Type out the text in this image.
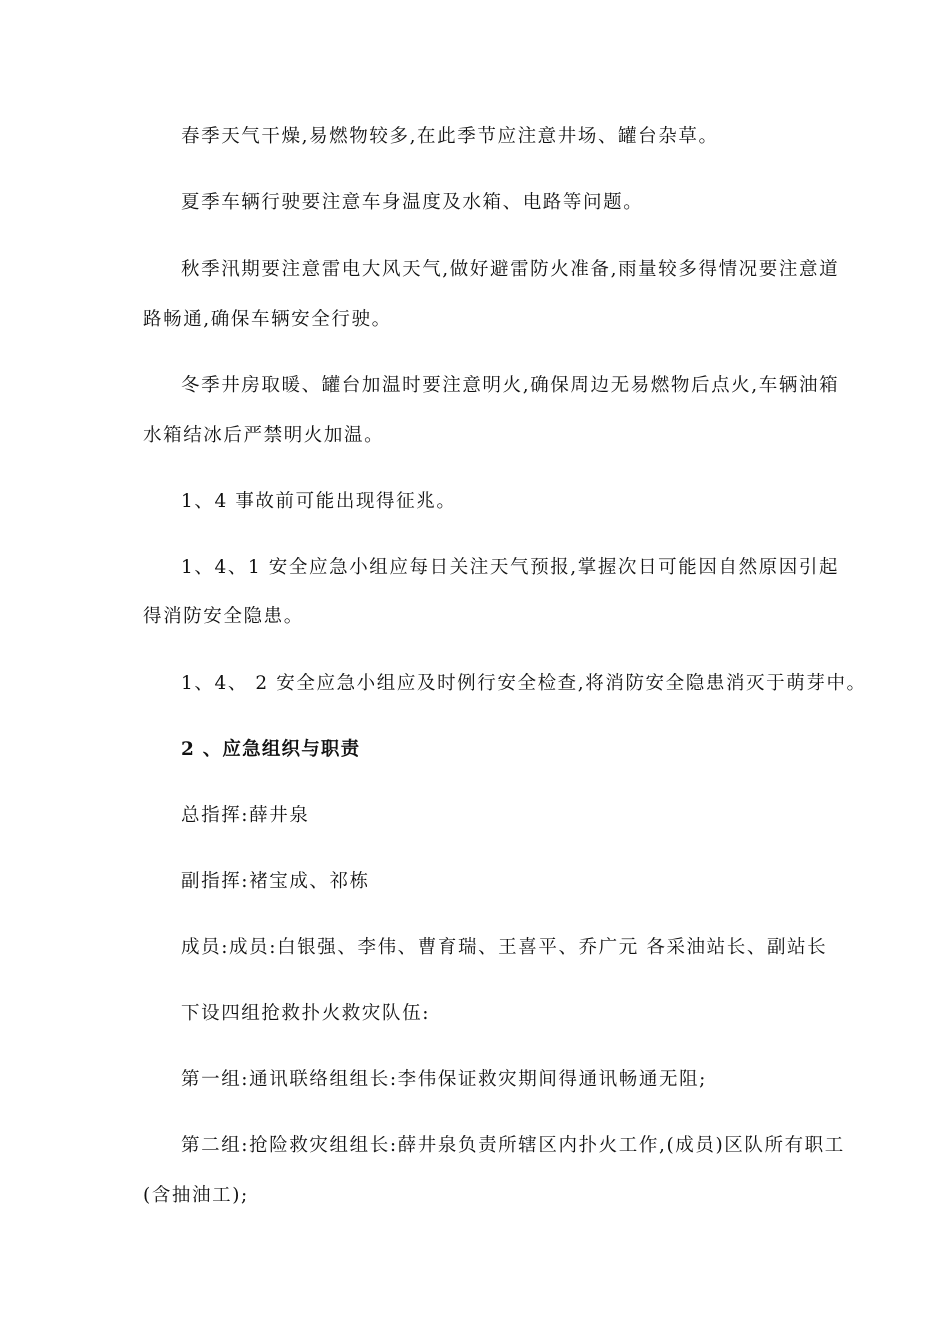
春季天气干燥,易燃物较多,在此季节应注意井场、罐台杂草。
夏季车辆行驶要注意车身温度及水箱、电路等问题。
秋季汛期要注意雷电大风天气,做好避雷防火准备,雨量较多得情况要注意道
路畅通,确保车辆安全行驶。
冬季井房取暖、罐台加温时要注意明火,确保周边无易燃物后点火,车辆油箱
水箱结冰后严禁明火加温。
1、4 事故前可能出现得征兆。
1、4、1 安全应急小组应每日关注天气预报,掌握次日可能因自然原因引起
得消防安全隐患。
1、4、 2 安全应急小组应及时例行安全检查,将消防安全隐患消灭于萌芽中。
2 、应急组织与职责
总指挥:薛井泉
副指挥:褚宝成、祁栋
成员:成员:白银强、李伟、曹育瑞、王喜平、乔广元 各采油站长、副站长
下设四组抢救扑火救灾队伍:
第一组:通讯联络组组长:李伟保证救灾期间得通讯畅通无阻;
第二组:抢险救灾组组长:薛井泉负责所辖区内扑火工作,(成员)区队所有职工
(含抽油工);
